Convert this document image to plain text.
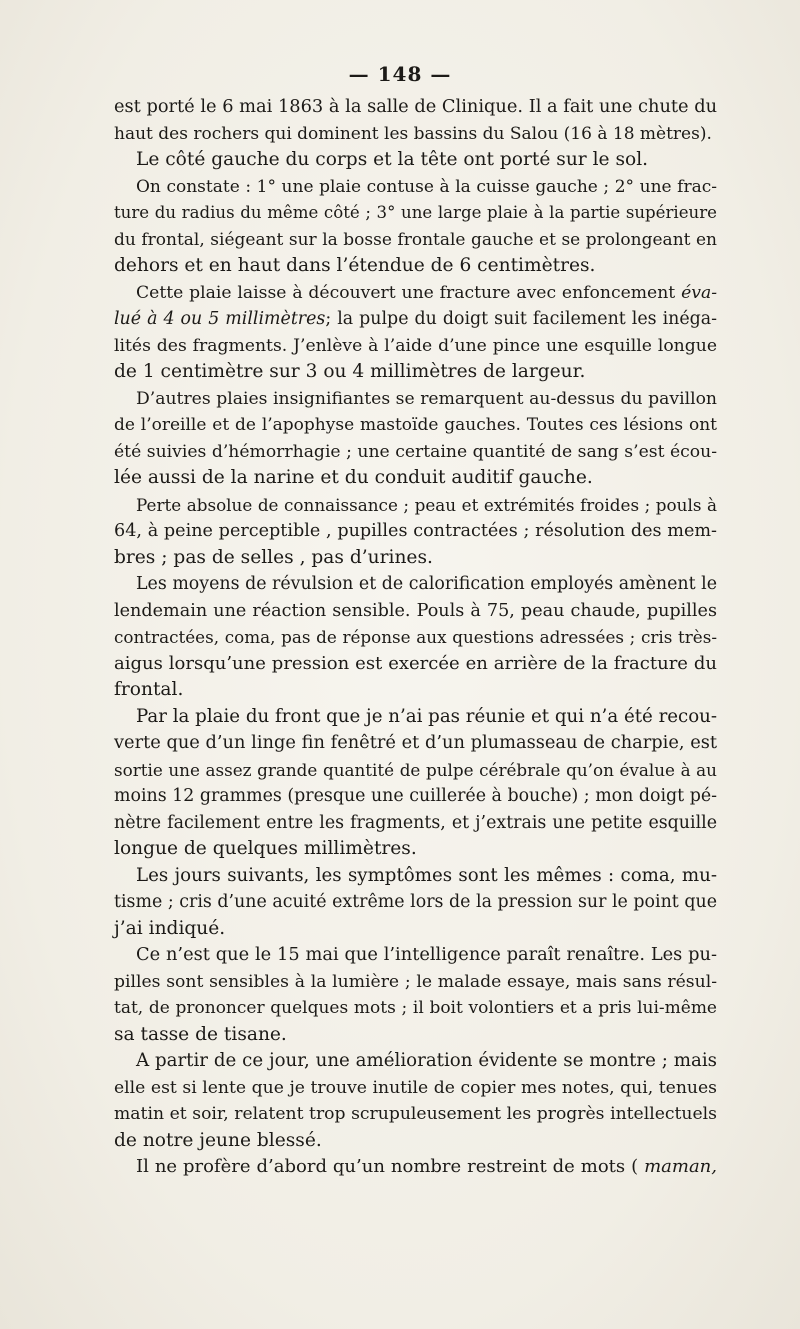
— 148 —
est porté le 6 mai 1863 à la salle de Clinique. Il a fait une chute du
haut des rochers qui dominent les bassins du Salou (16 à 18 mètres).
Le côté gauche du corps et la tête ont porté sur le sol.
On constate : 1° une plaie contuse à la cuisse gauche ; 2° une frac-
ture du radius du même côté ; 3° une large plaie à la partie supérieure
du frontal, siégeant sur la bosse frontale gauche et se prolongeant en
dehors et en haut dans l’étendue de 6 centimètres.
Cette plaie laisse à découvert une fracture avec enfoncement éva-
lué à 4 ou 5 millimètres; la pulpe du doigt suit facilement les inéga-
lités des fragments. J’enlève à l’aide d’une pince une esquille longue
de 1 centimètre sur 3 ou 4 millimètres de largeur.
D’autres plaies insignifiantes se remarquent au-dessus du pavillon
de l’oreille et de l’apophyse mastoïde gauches. Toutes ces lésions ont
été suivies d’hémorrhagie ; une certaine quantité de sang s’est écou-
lée aussi de la narine et du conduit auditif gauche.
Perte absolue de connaissance ; peau et extrémités froides ; pouls à
64, à peine perceptible , pupilles contractées ; résolution des mem-
bres ; pas de selles , pas d’urines.
Les moyens de révulsion et de calorification employés amènent le
lendemain une réaction sensible. Pouls à 75, peau chaude, pupilles
contractées, coma, pas de réponse aux questions adressées ; cris très-
aigus lorsqu’une pression est exercée en arrière de la fracture du
frontal.
Par la plaie du front que je n’ai pas réunie et qui n’a été recou-
verte que d’un linge fin fenêtré et d’un plumasseau de charpie, est
sortie une assez grande quantité de pulpe cérébrale qu’on évalue à au
moins 12 grammes (presque une cuillerée à bouche) ; mon doigt pé-
nètre facilement entre les fragments, et j’extrais une petite esquille
longue de quelques millimètres.
Les jours suivants, les symptômes sont les mêmes : coma, mu-
tisme ; cris d’une acuité extrême lors de la pression sur le point que
j’ai indiqué.
Ce n’est que le 15 mai que l’intelligence paraît renaître. Les pu-
pilles sont sensibles à la lumière ; le malade essaye, mais sans résul-
tat, de prononcer quelques mots ; il boit volontiers et a pris lui-même
sa tasse de tisane.
A partir de ce jour, une amélioration évidente se montre ; mais
elle est si lente que je trouve inutile de copier mes notes, qui, tenues
matin et soir, relatent trop scrupuleusement les progrès intellectuels
de notre jeune blessé.
Il ne profère d’abord qu’un nombre restreint de mots ( maman,
